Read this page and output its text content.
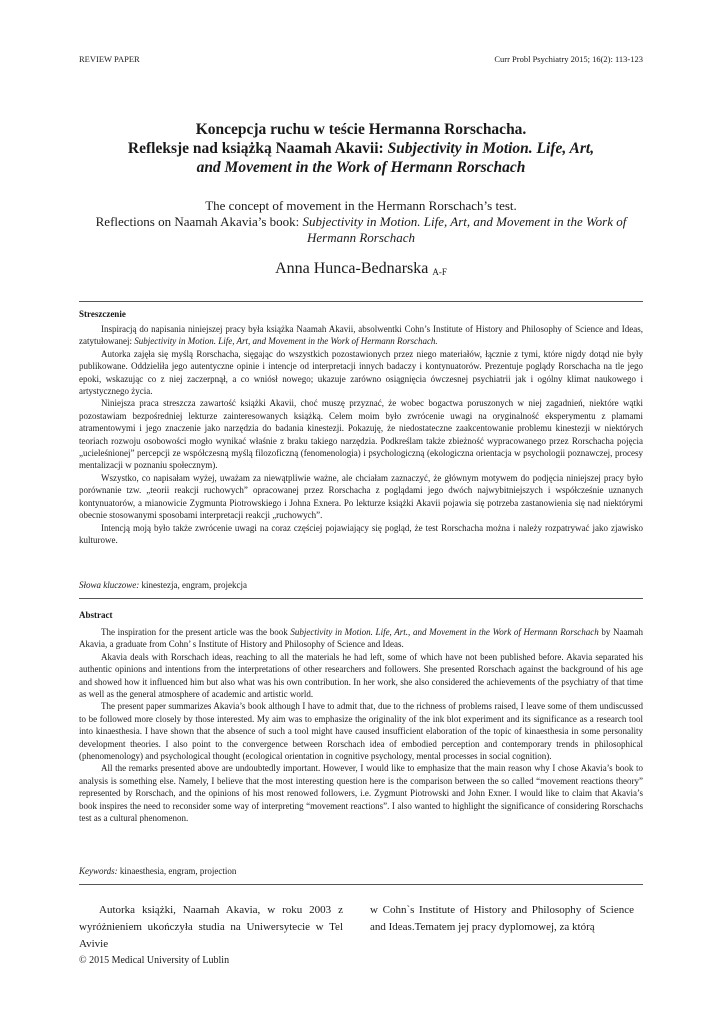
REVIEW PAPER	Curr Probl Psychiatry 2015; 16(2): 113-123
Koncepcja ruchu w teście Hermanna Rorschacha.
Refleksje nad książką Naamah Akavii: Subjectivity in Motion. Life, Art,
and Movement in the Work of Hermann Rorschach
The concept of movement in the Hermann Rorschach’s test.
Reflections on Naamah Akavia’s book: Subjectivity in Motion. Life, Art, and Movement in the Work of
Hermann Rorschach
Anna Hunca-Bednarska $_{A-F}$
Streszczenie

Inspiracją do napisania niniejszej pracy była książka Naamah Akavii, absolwentki Cohn’s Institute of History and Philosophy of Science and Ideas, zatytułowanej: Subjectivity in Motion. Life, Art, and Movement in the Work of Hermann Rorschach.

Autorka zajęła się myślą Rorschacha, sięgając do wszystkich pozostawionych przez niego materiałów, łącznie z tymi, które nigdy dotąd nie były publikowane. Oddzieliła jego autentyczne opinie i intencje od interpretacji innych badaczy i kontynuatorów. Prezentuje poglądy Rorschacha na tle jego epoki, wskazując co z niej zaczerpnął, a co wniósł nowego; ukazuje zarówno osiągnięcia ówczesnej psychiatrii jak i ogólny klimat naukowego i artystycznego życia.

Niniejsza praca streszcza zawartość książki Akavii, choć muszę przyznać, że wobec bogactwa poruszonych w niej zagadnień, niektóre wątki pozostawiam bezpośredniej lekturze zainteresowanych książką. Celem moim było zwrócenie uwagi na oryginalność eksperymentu z plamami atramentowymi i jego znaczenie jako narzędzia do badania kinestezji. Pokazuję, że niedostateczne zaakcentowanie problemu kinestezji w niektórych teoriach rozwoju osobowości mogło wynikać właśnie z braku takiego narzędzia. Podkreślam także zbieżność wypracowanego przez Rorschacha pojęcia „ucieleśnionej” percepcji ze współczesną myślą filozoficzną (fenomenologia) i psychologiczną (ekologiczna orientacja w psychologii poznawczej, procesy mentalizacji w poznaniu społecznym).

Wszystko, co napisałam wyżej, uważam za niewątpliwie ważne, ale chciałam zaznaczyć, że głównym motywem do podjęcia niniejszej pracy było porównanie tzw. „teorii reakcji ruchowych” opracowanej przez Rorschacha z poglądami jego dwóch najwybitniejszych i współcześnie uznanych kontynuatorów, a mianowicie Zygmunta Piotrowskiego i Johna Exnera. Po lekturze książki Akavii pojawia się potrzeba zastanowienia się nad niektórymi obecnie stosowanymi sposobami interpretacji reakcji „ruchowych”.

Intencją moją było także zwrócenie uwagi na coraz częściej pojawiający się pogląd, że test Rorschacha można i należy rozpatrywać jako zjawisko kulturowe.

Słowa kluczowe: kinestezja, engram, projekcja
Abstract

The inspiration for the present article was the book Subjectivity in Motion. Life, Art., and Movement in the Work of Hermann Rorschach by Naamah Akavia, a graduate from Cohn’ s Institute of History and Philosophy of Science and Ideas.

Akavia deals with Rorschach ideas, reaching to all the materials he had left, some of which have not been published before. Akavia separated his authentic opinions and intentions from the interpretations of other researchers and followers. She presented Rorschach against the background of his age and showed how it influenced him but also what was his own contribution. In her work, she also considered the achievements of the psychiatry of that time as well as the general atmosphere of academic and artistic world.

The present paper summarizes Akavia’s book although I have to admit that, due to the richness of problems raised, I leave some of them undiscussed to be followed more closely by those interested. My aim was to emphasize the originality of the ink blot experiment and its significance as a research tool into kinaesthesia. I have shown that the absence of such a tool might have caused insufficient elaboration of the topic of kinaesthesia in some personality development theories. I also point to the convergence between Rorschach idea of embodied perception and contemporary trends in philosophical (phenomenology) and psychological thought (ecological orientation in cognitive psychology, mental processes in social cognition).

All the remarks presented above are undoubtedly important. However, I would like to emphasize that the main reason why I chose Akavia’s book to analysis is something else. Namely, I believe that the most interesting question here is the comparison between the so called “movement reactions theory” represented by Rorschach, and the opinions of his most renowed followers, i.e. Zygmunt Piotrowski and John Exner. I would like to claim that Akavia’s book inspires the need to reconsider some way of interpreting “movement reactions”. I also wanted to highlight the significance of considering Rorschachs test as a cultural phenomenon.

Keywords: kinaesthesia, engram, projection

Autorka książki, Naamah Akavia, w roku 2003 z wyróżnieniem ukończyła studia na Uniwersytecie w Tel Avivie

w Cohn`s Institute of History and Philosophy of Science and Ideas.Tematem jej pracy dyplomowej, za którą

© 2015 Medical University of Lublin
